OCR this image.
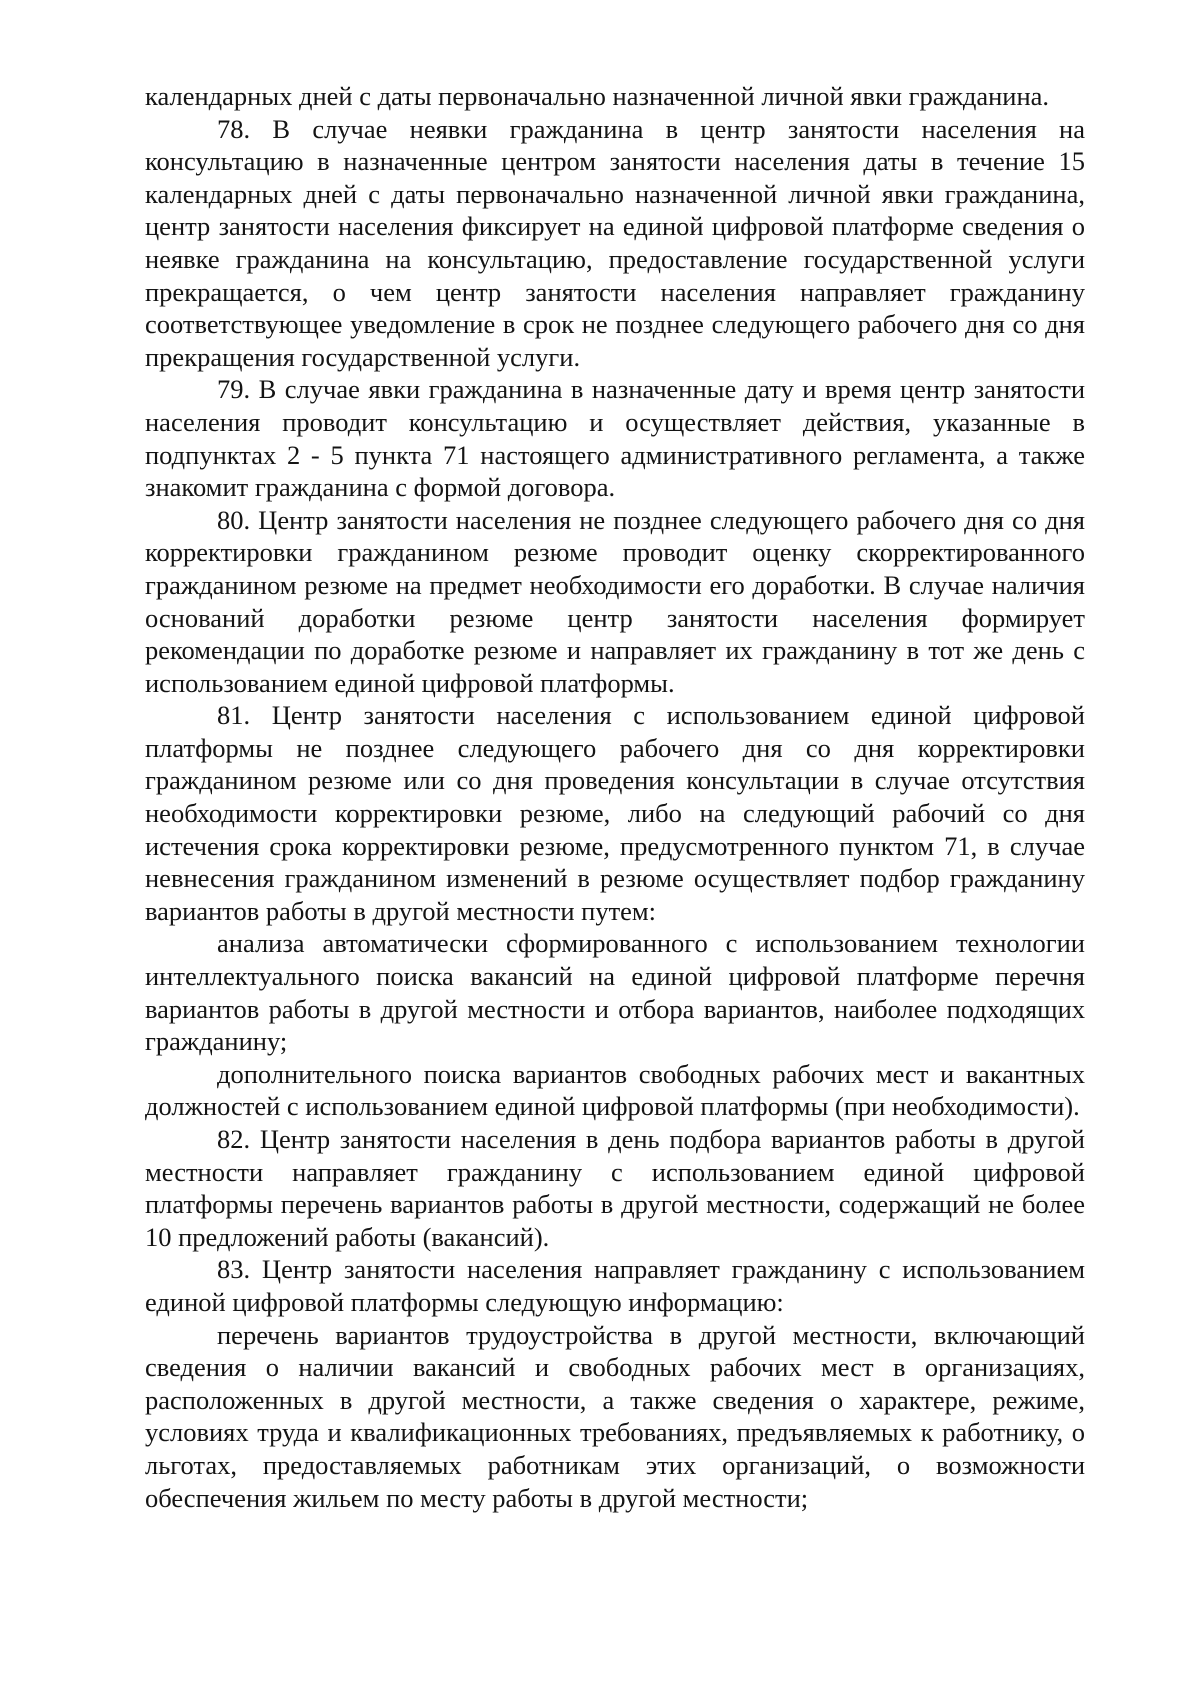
календарных дней с даты первоначально назначенной личной явки гражданина.

78. В случае неявки гражданина в центр занятости населения на консультацию в назначенные центром занятости населения даты в течение 15 календарных дней с даты первоначально назначенной личной явки гражданина, центр занятости населения фиксирует на единой цифровой платформе сведения о неявке гражданина на консультацию, предоставление государственной услуги прекращается, о чем центр занятости населения направляет гражданину соответствующее уведомление в срок не позднее следующего рабочего дня со дня прекращения государственной услуги.

79. В случае явки гражданина в назначенные дату и время центр занятости населения проводит консультацию и осуществляет действия, указанные в подпунктах 2 - 5 пункта 71 настоящего административного регламента, а также знакомит гражданина с формой договора.

80. Центр занятости населения не позднее следующего рабочего дня со дня корректировки гражданином резюме проводит оценку скорректированного гражданином резюме на предмет необходимости его доработки. В случае наличия оснований доработки резюме центр занятости населения формирует рекомендации по доработке резюме и направляет их гражданину в тот же день с использованием единой цифровой платформы.

81. Центр занятости населения с использованием единой цифровой платформы не позднее следующего рабочего дня со дня корректировки гражданином резюме или со дня проведения консультации в случае отсутствия необходимости корректировки резюме, либо на следующий рабочий со дня истечения срока корректировки резюме, предусмотренного пунктом 71, в случае невнесения гражданином изменений в резюме осуществляет подбор гражданину вариантов работы в другой местности путем:

анализа автоматически сформированного с использованием технологии интеллектуального поиска вакансий на единой цифровой платформе перечня вариантов работы в другой местности и отбора вариантов, наиболее подходящих гражданину;

дополнительного поиска вариантов свободных рабочих мест и вакантных должностей с использованием единой цифровой платформы (при необходимости).

82. Центр занятости населения в день подбора вариантов работы в другой местности направляет гражданину с использованием единой цифровой платформы перечень вариантов работы в другой местности, содержащий не более 10 предложений работы (вакансий).

83. Центр занятости населения направляет гражданину с использованием единой цифровой платформы следующую информацию:

перечень вариантов трудоустройства в другой местности, включающий сведения о наличии вакансий и свободных рабочих мест в организациях, расположенных в другой местности, а также сведения о характере, режиме, условиях труда и квалификационных требованиях, предъявляемых к работнику, о льготах, предоставляемых работникам этих организаций, о возможности обеспечения жильем по месту работы в другой местности;
